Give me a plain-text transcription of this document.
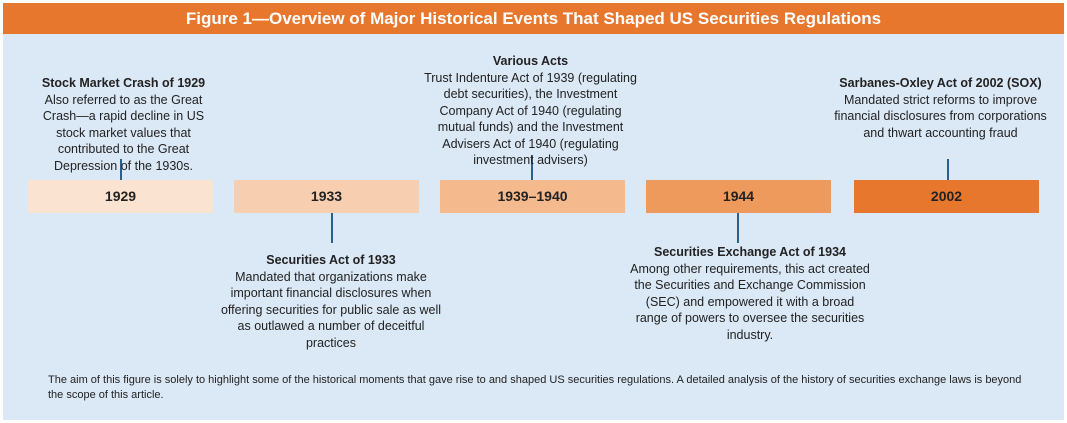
Figure 1—Overview of Major Historical Events That Shaped US Securities Regulations
1929	1933	1939–1940	1944	2002
Stock Market Crash of 1929
Also referred to as the Great Crash—a rapid decline in US stock market values that contributed to the Great Depression of the 1930s.
Various Acts
Trust Indenture Act of 1939 (regulating debt securities), the Investment Company Act of 1940 (regulating mutual funds) and the Investment Advisers Act of 1940 (regulating investment advisers)
Sarbanes-Oxley Act of 2002 (SOX)
Mandated strict reforms to improve financial disclosures from corporations and thwart accounting fraud
Securities Act of 1933
Mandated that organizations make important financial disclosures when offering securities for public sale as well as outlawed a number of deceitful practices
Securities Exchange Act of 1934
Among other requirements, this act created the Securities and Exchange Commission (SEC) and empowered it with a broad range of powers to oversee the securities industry.
The aim of this figure is solely to highlight some of the historical moments that gave rise to and shaped US securities regulations. A detailed analysis of the history of securities exchange laws is beyond the scope of this article.
